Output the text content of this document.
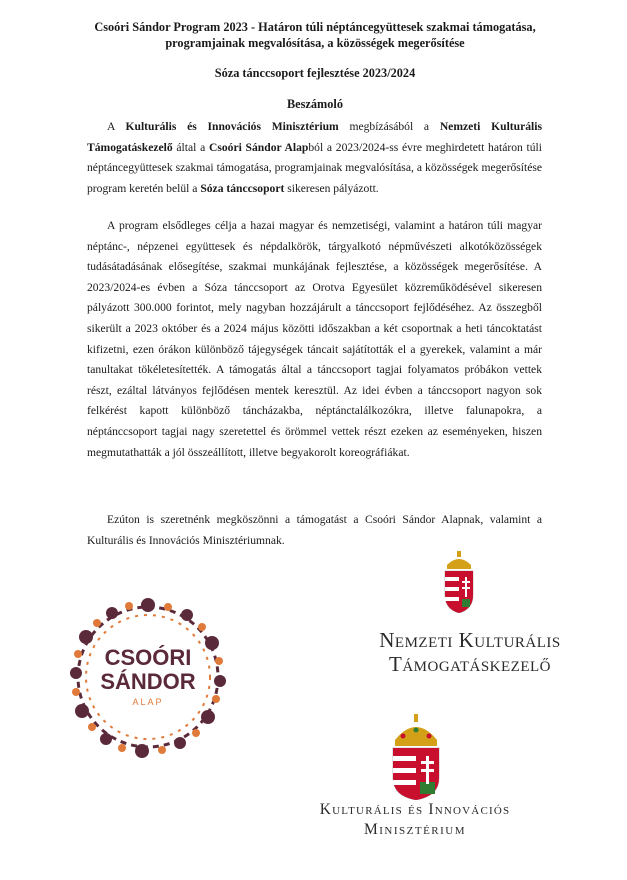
Csoóri Sándor Program 2023 - Határon túli néptáncegyüttesek szakmai támogatása,
programjainak megvalósítása, a közösségek megerősítése
Sóza tánccsoport fejlesztése 2023/2024
Beszámoló
A Kulturális és Innovációs Minisztérium megbízásából a Nemzeti Kulturális Támogatáskezelő által a Csoóri Sándor Alapból a 2023/2024-ss évre meghirdetett határon túli néptáncegyüttesek szakmai támogatása, programjainak megvalósítása, a közösségek megerősítése program keretén belül a Sóza tánccsoport sikeresen pályázott.
A program elsődleges célja a hazai magyar és nemzetiségi, valamint a határon túli magyar néptánc-, népzenei együttesek és népdalkörök, tárgyalkotó népművészeti alkotóközösségek tudásátadásának elősegítése, szakmai munkájának fejlesztése, a közösségek megerősítése. A 2023/2024-es évben a Sóza tánccsoport az Orotva Egyesület közreműködésével sikeresen pályázott 300.000 forintot, mely nagyban hozzájárult a tánccsoport fejlődéséhez. Az összegből sikerült a 2023 október és a 2024 május közötti időszakban a két csoportnak a heti táncoktatást kifizetni, ezen órákon különböző tájegységek táncait sajátították el a gyerekek, valamint a már tanultakat tökéletesítették. A támogatás által a tánccsoport tagjai folyamatos próbákon vettek részt, ezáltal látványos fejlődésen mentek keresztül. Az idei évben a tánccsoport nagyon sok felkérést kapott különböző táncházakba, néptánctalálkozókra, illetve falunapokra, a néptánccsoport tagjai nagy szeretettel és örömmel vettek részt ezeken az eseményeken, hiszen megmutathatták a jól összeállított, illetve begyakorolt koreográfiákat.
Ezúton is szeretnénk megköszönni a támogatást a Csoóri Sándor Alapnak, valamint a Kulturális és Innovációs Minisztériumnak.
CSOÓRI
SÁNDOR
ALAP
Nemzeti Kulturális
Támogatáskezelő
Kulturális és Innovációs
Minisztérium
